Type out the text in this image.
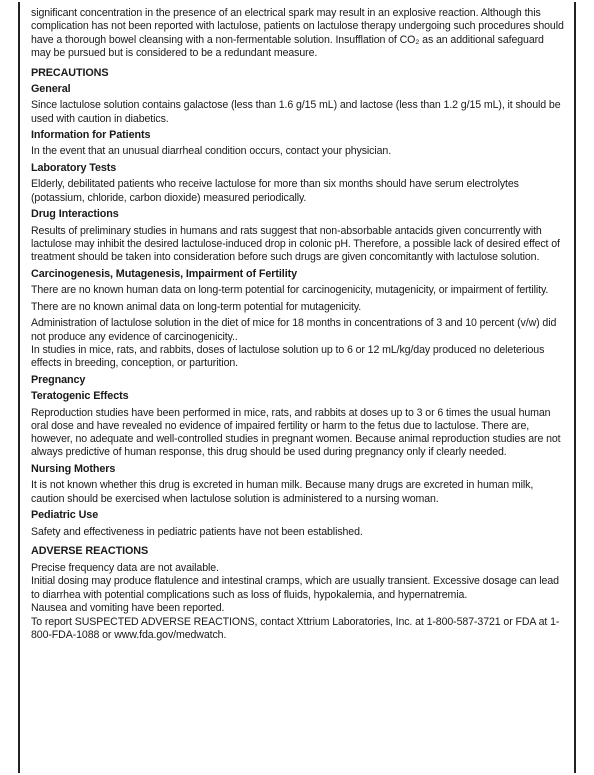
significant concentration in the presence of an electrical spark may result in an explosive reaction. Although this complication has not been reported with lactulose, patients on lactulose therapy undergoing such procedures should have a thorough bowel cleansing with a non-fermentable solution. Insufflation of CO₂ as an additional safeguard may be pursued but is considered to be a redundant measure.

PRECAUTIONS
General

Since lactulose solution contains galactose (less than 1.6 g/15 mL) and lactose (less than 1.2 g/15 mL), it should be used with caution in diabetics.

Information for Patients

In the event that an unusual diarrheal condition occurs, contact your physician.

Laboratory Tests

Elderly, debilitated patients who receive lactulose for more than six months should have serum electrolytes (potassium, chloride, carbon dioxide) measured periodically.

Drug Interactions

Results of preliminary studies in humans and rats suggest that non-absorbable antacids given concurrently with lactulose may inhibit the desired lactulose-induced drop in colonic pH. Therefore, a possible lack of desired effect of treatment should be taken into consideration before such drugs are given concomitantly with lactulose solution.

Carcinogenesis, Mutagenesis, Impairment of Fertility

There are no known human data on long-term potential for carcinogenicity, mutagenicity, or impairment of fertility.

There are no known animal data on long-term potential for mutagenicity.

Administration of lactulose solution in the diet of mice for 18 months in concentrations of 3 and 10 percent (v/w) did not produce any evidence of carcinogenicity..

In studies in mice, rats, and rabbits, doses of lactulose solution up to 6 or 12 mL/kg/day produced no deleterious effects in breeding, conception, or parturition.

Pregnancy
Teratogenic Effects

Reproduction studies have been performed in mice, rats, and rabbits at doses up to 3 or 6 times the usual human oral dose and have revealed no evidence of impaired fertility or harm to the fetus due to lactulose. There are, however, no adequate and well-controlled studies in pregnant women. Because animal reproduction studies are not always predictive of human response, this drug should be used during pregnancy only if clearly needed.

Nursing Mothers

It is not known whether this drug is excreted in human milk. Because many drugs are excreted in human milk, caution should be exercised when lactulose solution is administered to a nursing woman.

Pediatric Use

Safety and effectiveness in pediatric patients have not been established.

ADVERSE REACTIONS

Precise frequency data are not available.

Initial dosing may produce flatulence and intestinal cramps, which are usually transient. Excessive dosage can lead to diarrhea with potential complications such as loss of fluids, hypokalemia, and hypernatremia.

Nausea and vomiting have been reported.

To report SUSPECTED ADVERSE REACTIONS, contact Xttrium Laboratories, Inc. at 1-800-587-3721 or FDA at 1-800-FDA-1088 or www.fda.gov/medwatch.
